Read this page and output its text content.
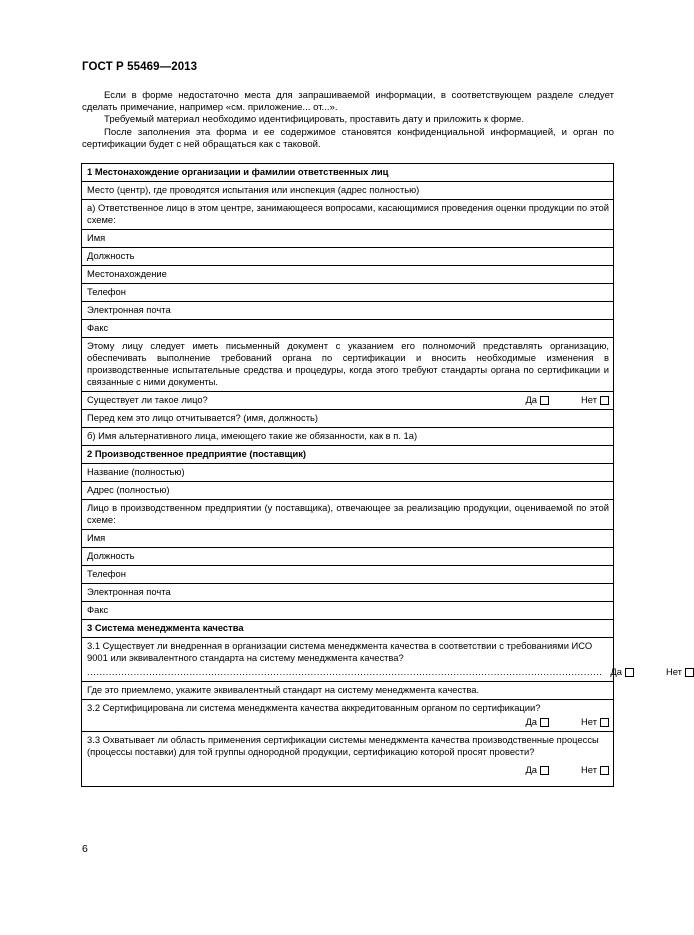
ГОСТ Р 55469—2013

Если в форме недостаточно места для запрашиваемой информации, в соответствующем разделе следует сделать примечание, например «см. приложение... от...».

Требуемый материал необходимо идентифицировать, проставить дату и приложить к форме.

После заполнения эта форма и ее содержимое становятся конфиденциальной информацией, и орган по сертификации будет с ней обращаться как с таковой.

1 Местонахождение организации и фамилии ответственных лиц
Место (центр), где проводятся испытания или инспекция (адрес полностью)
а) Ответственное лицо в этом центре, занимающееся вопросами, касающимися проведения оценки продукции по этой схеме:
Имя
Должность
Местонахождение
Телефон
Электронная почта
Факс
Этому лицу следует иметь письменный документ с указанием его полномочий представлять организацию, обеспечивать выполнение требований органа по сертификации и вносить необходимые изменения в производственные испытательные средства и процедуры, когда этого требуют стандарты органа по сертификации и связанные с ними документы.

Существует ли такое лицо?	Да	Нет

Перед кем это лицо отчитывается? (имя, должность)
б) Имя альтернативного лица, имеющего такие же обязанности, как в п. 1а)
2 Производственное предприятие (поставщик)
Название (полностью)
Адрес (полностью)
Лицо в производственном предприятии (у поставщика), отвечающее за реализацию продукции, оцениваемой по этой схеме:
Имя
Должность
Телефон
Электронная почта
Факс
3 Система менеджмента качества

3.1 Существует ли внедренная в организации система менеджмента качества в соответствии с требованиями ИСО 9001 или эквивалентного стандарта на систему менеджмента качества?
...................................................................................................................................................................... Да	Нет

Где это приемлемо, укажите эквивалентный стандарт на систему менеджмента качества.

3.2 Сертифицирована ли система менеджмента качества аккредитованным органом по сертификации?
Да	Нет

3.3 Охватывает ли область применения сертификации системы менеджмента качества производственные процессы (процессы поставки) для той группы однородной продукции, сертификацию которой просят провести?
Да	Нет
6
